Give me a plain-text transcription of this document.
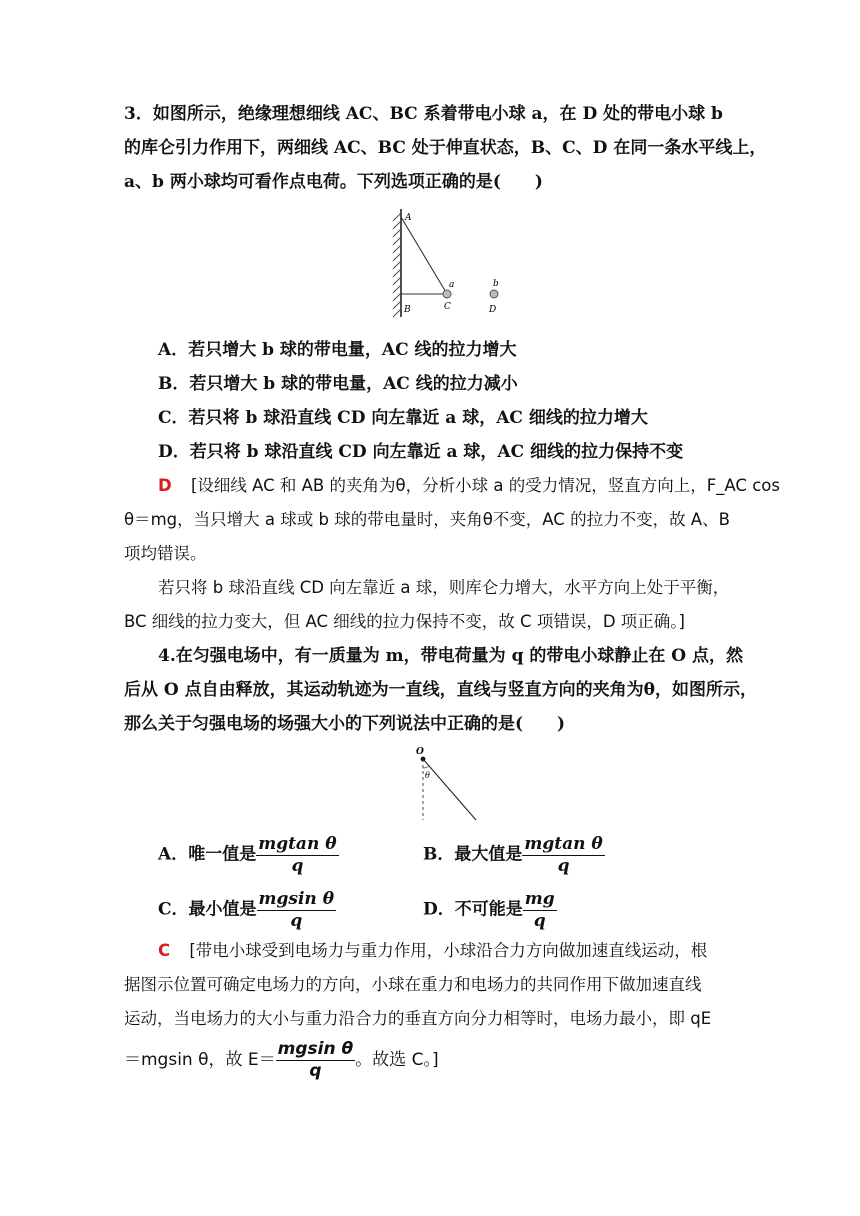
3．如图所示，绝缘理想细线 AC、BC 系着带电小球 a，在 D 处的带电小球 b
的库仑引力作用下，两细线 AC、BC 处于伸直状态，B、C、D 在同一条水平线上，
a、b 两小球均可看作点电荷。下列选项正确的是(　　)
A
B
a
C
b
D
A．若只增大 b 球的带电量，AC 线的拉力增大
B．若只增大 b 球的带电量，AC 线的拉力减小
C．若只将 b 球沿直线 CD 向左靠近 a 球，AC 细线的拉力增大
D．若只将 b 球沿直线 CD 向左靠近 a 球，AC 细线的拉力保持不变
D [设细线 AC 和 AB 的夹角为θ，分析小球 a 的受力情况，竖直方向上，F_AC cos
θ＝mg，当只增大 a 球或 b 球的带电量时，夹角θ不变，AC 的拉力不变，故 A、B
项均错误。
若只将 b 球沿直线 CD 向左靠近 a 球，则库仑力增大，水平方向上处于平衡，
BC 细线的拉力变大，但 AC 细线的拉力保持不变，故 C 项错误，D 项正确。]
4.在匀强电场中，有一质量为 m，带电荷量为 q 的带电小球静止在 O 点，然
后从 O 点自由释放，其运动轨迹为一直线，直线与竖直方向的夹角为θ，如图所示，
那么关于匀强电场的场强大小的下列说法中正确的是(　　)
O
θ
A．唯一值是 $\frac{\text{mgtan θ}}{q}$	B．最大值是 $\frac{\text{mgtan θ}}{q}$
C．最小值是 $\frac{\text{mgsin θ}}{q}$	D．不可能是 $\frac{mg}{q}$
C [带电小球受到电场力与重力作用，小球沿合力方向做加速直线运动，根
据图示位置可确定电场力的方向，小球在重力和电场力的共同作用下做加速直线
运动，当电场力的大小与重力沿合力的垂直方向分力相等时，电场力最小，即 qE
＝mgsin θ，故 $E= \frac{\text{mgsin θ}}{q}$ 。故选 C。]
